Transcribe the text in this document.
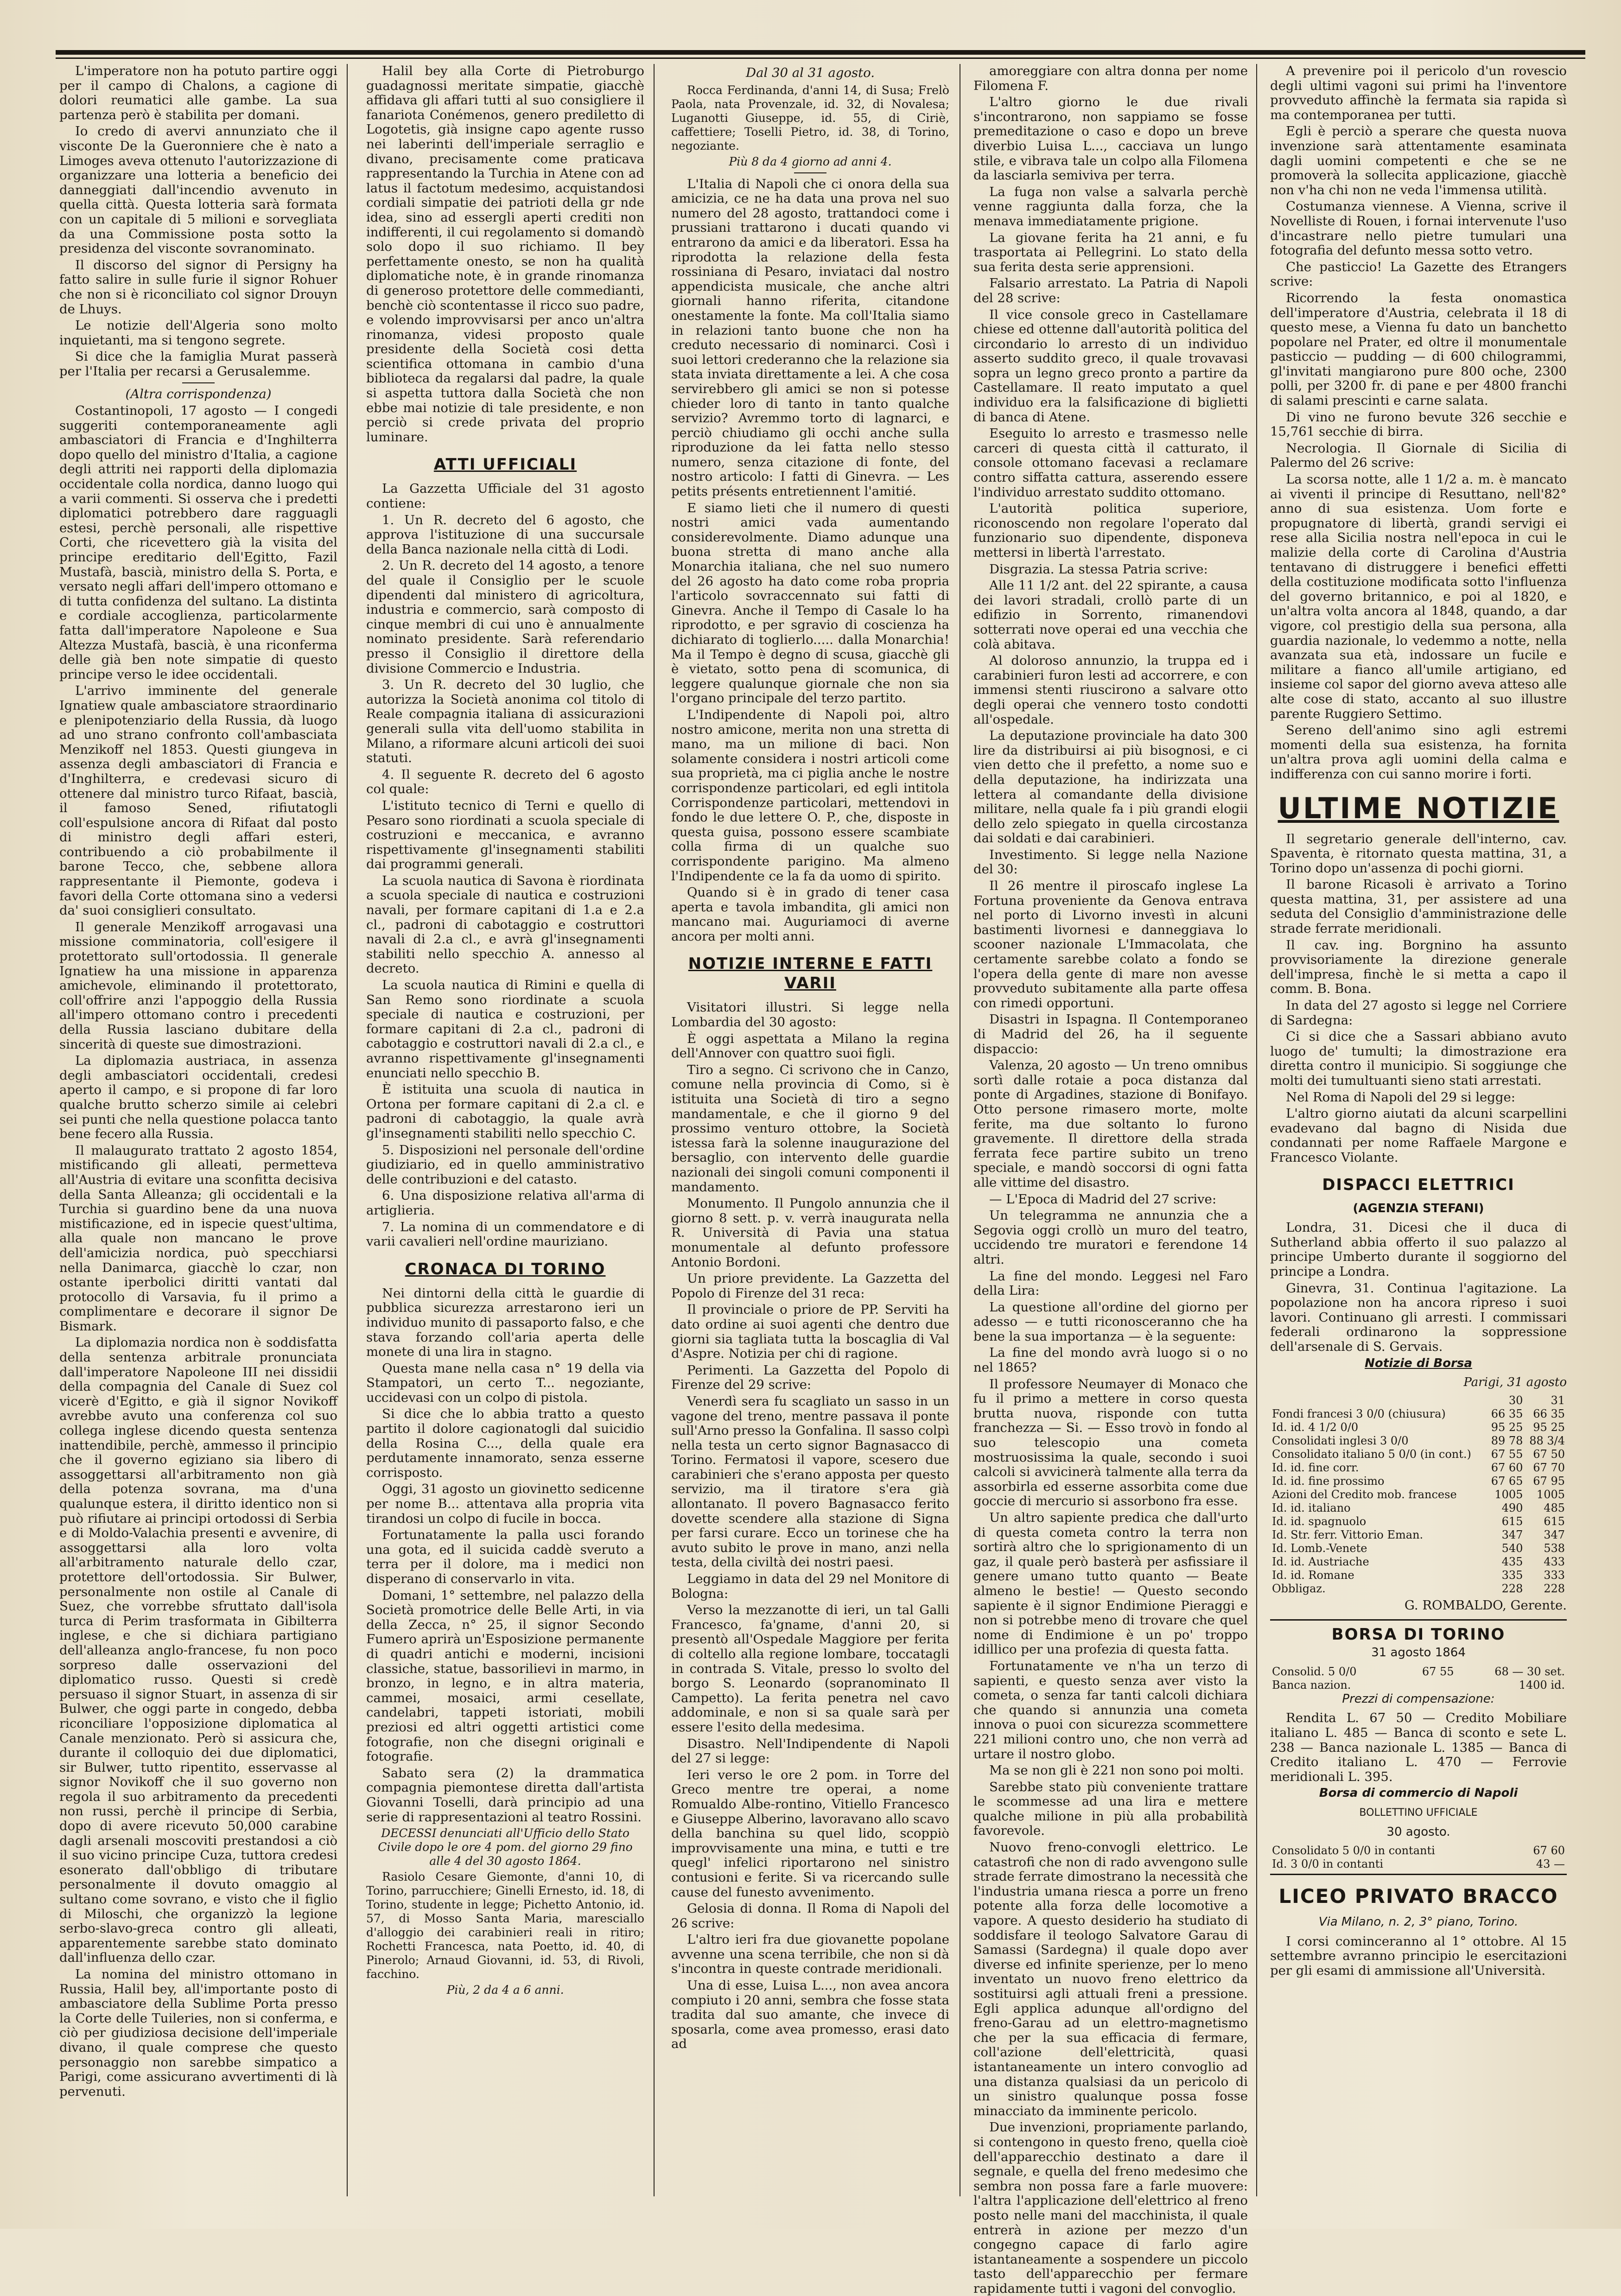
L'imperatore non ha potuto partire oggi per il campo di Chalons, a cagione di dolori reumatici alle gambe. La sua partenza però è stabilita per domani.

Io credo di avervi annunziato che il visconte De la Gueronniere che è nato a Limoges aveva ottenuto l'autorizzazione di organizzare una lotteria a beneficio dei danneggiati dall'incendio avvenuto in quella città. Questa lotteria sarà formata con un capitale di 5 milioni e sorvegliata da una Commissione posta sotto la presidenza del visconte sovranominato.

Il discorso del signor di Persigny ha fatto salire in sulle furie il signor Rohuer che non si è riconciliato col signor Drouyn de Lhuys.

Le notizie dell'Algeria sono molto inquietanti, ma si tengono segrete.

Si dice che la famiglia Murat passerà per l'Italia per recarsi a Gerusalemme.

(Altra corrispondenza)

Costantinopoli, 17 agosto — I congedi suggeriti contemporaneamente agli ambasciatori di Francia e d'Inghilterra dopo quello del ministro d'Italia, a cagione degli attriti nei rapporti della diplomazia occidentale colla nordica, danno luogo qui a varii commenti. Si osserva che i predetti diplomatici potrebbero dare ragguagli estesi, perchè personali, alle rispettive Corti, che ricevettero già la visita del principe ereditario dell'Egitto, Fazil Mustafà, bascià, ministro della S. Porta, e versato negli affari dell'impero ottomano e di tutta confidenza del sultano. La distinta e cordiale accoglienza, particolarmente fatta dall'imperatore Napoleone e Sua Altezza Mustafà, bascià, è una riconferma delle già ben note simpatie di questo principe verso le idee occidentali.

L'arrivo imminente del generale Ignatiew quale ambasciatore straordinario e plenipotenziario della Russia, dà luogo ad uno strano confronto coll'ambasciata Menzikoff nel 1853. Questi giungeva in assenza degli ambasciatori di Francia e d'Inghilterra, e credevasi sicuro di ottenere dal ministro turco Rifaat, bascià, il famoso Sened, rifiutatogli coll'espulsione ancora di Rifaat dal posto di ministro degli affari esteri, contribuendo a ciò probabilmente il barone Tecco, che, sebbene allora rappresentante il Piemonte, godeva i favori della Corte ottomana sino a vedersi da' suoi consiglieri consultato.

Il generale Menzikoff arrogavasi una missione comminatoria, coll'esigere il protettorato sull'ortodossia. Il generale Ignatiew ha una missione in apparenza amichevole, eliminando il protettorato, coll'offrire anzi l'appoggio della Russia all'impero ottomano contro i precedenti della Russia lasciano dubitare della sincerità di queste sue dimostrazioni.

La diplomazia austriaca, in assenza degli ambasciatori occidentali, credesi aperto il campo, e si propone di far loro qualche brutto scherzo simile ai celebri sei punti che nella questione polacca tanto bene fecero alla Russia.

Il malaugurato trattato 2 agosto 1854, mistificando gli alleati, permetteva all'Austria di evitare una sconfitta decisiva della Santa Alleanza; gli occidentali e la Turchia si guardino bene da una nuova mistificazione, ed in ispecie quest'ultima, alla quale non mancano le prove dell'amicizia nordica, può specchiarsi nella Danimarca, giacchè lo czar, non ostante iperbolici diritti vantati dal protocollo di Varsavia, fu il primo a complimentare e decorare il signor De Bismark.

La diplomazia nordica non è soddisfatta della sentenza arbitrale pronunciata dall'imperatore Napoleone III nei dissidii della compagnia del Canale di Suez col vicerè d'Egitto, e già il signor Novikoff avrebbe avuto una conferenza col suo collega inglese dicendo questa sentenza inattendibile, perchè, ammesso il principio che il governo egiziano sia libero di assoggettarsi all'arbitramento non già della potenza sovrana, ma d'una qualunque estera, il diritto identico non si può rifiutare ai principi ortodossi di Serbia e di Moldo-Valachia presenti e avvenire, di assoggettarsi alla loro volta all'arbitramento naturale dello czar, protettore dell'ortodossia. Sir Bulwer, personalmente non ostile al Canale di Suez, che vorrebbe sfruttato dall'isola turca di Perim trasformata in Gibilterra inglese, e che si dichiara partigiano dell'alleanza anglo-francese, fu non poco sorpreso dalle osservazioni del diplomatico russo. Questi si credè persuaso il signor Stuart, in assenza di sir Bulwer, che oggi parte in congedo, debba riconciliare l'opposizione diplomatica al Canale menzionato. Però si assicura che, durante il colloquio dei due diplomatici, sir Bulwer, tutto ripentito, esservasse al signor Novikoff che il suo governo non regola il suo arbitramento da precedenti non russi, perchè il principe di Serbia, dopo di avere ricevuto 50,000 carabine dagli arsenali moscoviti prestandosi a ciò il suo vicino principe Cuza, tuttora credesi esonerato dall'obbligo di tributare personalmente il dovuto omaggio al sultano come sovrano, e visto che il figlio di Miloschi, che organizzò la legione serbo-slavo-greca contro gli alleati, apparentemente sarebbe stato dominato dall'influenza dello czar.

La nomina del ministro ottomano in Russia, Halil bey, all'importante posto di ambasciatore della Sublime Porta presso la Corte delle Tuileries, non si conferma, e ciò per giudiziosa decisione dell'imperiale divano, il quale comprese che questo personaggio non sarebbe simpatico a Parigi, come assicurano avvertimenti di là pervenuti.

Halil bey alla Corte di Pietroburgo guadagnossi meritate simpatie, giacchè affidava gli affari tutti al suo consigliere il fanariota Conémenos, genero prediletto di Logotetis, già insigne capo agente russo nei laberinti dell'imperiale serraglio e divano, precisamente come praticava rappresentando la Turchia in Atene con ad latus il factotum medesimo, acquistandosi cordiali simpatie dei patrioti della gr nde idea, sino ad essergli aperti crediti non indifferenti, il cui regolamento si domandò solo dopo il suo richiamo. Il bey perfettamente onesto, se non ha qualità diplomatiche note, è in grande rinomanza di generoso protettore delle commedianti, benchè ciò scontentasse il ricco suo padre, e volendo improvvisarsi per anco un'altra rinomanza, videsi proposto quale presidente della Società cosi detta scientifica ottomana in cambio d'una biblioteca da regalarsi dal padre, la quale si aspetta tuttora dalla Società che non ebbe mai notizie di tale presidente, e non perciò si crede privata del proprio luminare.

ATTI UFFICIALI

La Gazzetta Ufficiale del 31 agosto contiene:

1. Un R. decreto del 6 agosto, che approva l'istituzione di una succursale della Banca nazionale nella città di Lodi.

2. Un R. decreto del 14 agosto, a tenore del quale il Consiglio per le scuole dipendenti dal ministero di agricoltura, industria e commercio, sarà composto di cinque membri di cui uno è annualmente nominato presidente. Sarà referendario presso il Consiglio il direttore della divisione Commercio e Industria.

3. Un R. decreto del 30 luglio, che autorizza la Società anonima col titolo di Reale compagnia italiana di assicurazioni generali sulla vita dell'uomo stabilita in Milano, a riformare alcuni articoli dei suoi statuti.

4. Il seguente R. decreto del 6 agosto col quale:

L'istituto tecnico di Terni e quello di Pesaro sono riordinati a scuola speciale di costruzioni e meccanica, e avranno rispettivamente gl'insegnamenti stabiliti dai programmi generali.

La scuola nautica di Savona è riordinata a scuola speciale di nautica e costruzioni navali, per formare capitani di 1.a e 2.a cl., padroni di cabotaggio e costruttori navali di 2.a cl., e avrà gl'insegnamenti stabiliti nello specchio A. annesso al decreto.

La scuola nautica di Rimini e quella di San Remo sono riordinate a scuola speciale di nautica e costruzioni, per formare capitani di 2.a cl., padroni di cabotaggio e costruttori navali di 2.a cl., e avranno rispettivamente gl'insegnamenti enunciati nello specchio B.

È istituita una scuola di nautica in Ortona per formare capitani di 2.a cl. e padroni di cabotaggio, la quale avrà gl'insegnamenti stabiliti nello specchio C.

5. Disposizioni nel personale dell'ordine giudiziario, ed in quello amministrativo delle contribuzioni e del catasto.

6. Una disposizione relativa all'arma di artiglieria.

7. La nomina di un commendatore e di varii cavalieri nell'ordine mauriziano.

CRONACA DI TORINO

Nei dintorni della città le guardie di pubblica sicurezza arrestarono ieri un individuo munito di passaporto falso, e che stava forzando coll'aria aperta delle monete di una lira in stagno.

Questa mane nella casa n° 19 della via Stampatori, un certo T... negoziante, uccidevasi con un colpo di pistola.

Si dice che lo abbia tratto a questo partito il dolore cagionatogli dal suicidio della Rosina C..., della quale era perdutamente innamorato, senza esserne corrisposto.

Oggi, 31 agosto un giovinetto sedicenne per nome B... attentava alla propria vita tirandosi un colpo di fucile in bocca.

Fortunatamente la palla usci forando una gota, ed il suicida caddè sveruto a terra per il dolore, ma i medici non disperano di conservarlo in vita.

Domani, 1° settembre, nel palazzo della Società promotrice delle Belle Arti, in via della Zecca, n° 25, il signor Secondo Fumero aprirà un'Esposizione permanente di quadri antichi e moderni, incisioni classiche, statue, bassorilievi in marmo, in bronzo, in legno, e in altra materia, cammei, mosaici, armi cesellate, candelabri, tappeti istoriati, mobili preziosi ed altri oggetti artistici come fotografie, non che disegni originali e fotografie.

Sabato sera (2) la drammatica compagnia piemontese diretta dall'artista Giovanni Toselli, darà principio ad una serie di rappresentazioni al teatro Rossini.

DECESSI denunciati all'Ufficio dello Stato Civile dopo le ore 4 pom. del giorno 29 fino alle 4 del 30 agosto 1864.

Rasiolo Cesare Giemonte, d'anni 10, di Torino, parrucchiere; Ginelli Ernesto, id. 18, di Torino, studente in legge; Pichetto Antonio, id. 57, di Mosso Santa Maria, maresciallo d'alloggio dei carabinieri reali in ritiro; Rochetti Francesca, nata Poetto, id. 40, di Pinerolo; Arnaud Giovanni, id. 53, di Rivoli, facchino.

Più, 2 da 4 a 6 anni.

Dal 30 al 31 agosto.

Rocca Ferdinanda, d'anni 14, di Susa; Frelò Paola, nata Provenzale, id. 32, di Novalesa; Luganotti Giuseppe, id. 55, di Ciriè, caffettiere; Toselli Pietro, id. 38, di Torino, negoziante.

Più 8 da 4 giorno ad anni 4.

L'Italia di Napoli che ci onora della sua amicizia, ce ne ha data una prova nel suo numero del 28 agosto, trattandoci come i prussiani trattarono i ducati quando vi entrarono da amici e da liberatori. Essa ha riprodotta la relazione della festa rossiniana di Pesaro, inviataci dal nostro appendicista musicale, che anche altri giornali hanno riferita, citandone onestamente la fonte. Ma coll'Italia siamo in relazioni tanto buone che non ha creduto necessario di nominarci. Così i suoi lettori crederanno che la relazione sia stata inviata direttamente a lei. A che cosa servirebbero gli amici se non si potesse chieder loro di tanto in tanto qualche servizio? Avremmo torto di lagnarci, e perciò chiudiamo gli occhi anche sulla riproduzione da lei fatta nello stesso numero, senza citazione di fonte, del nostro articolo: I fatti di Ginevra. — Les petits présents entretiennent l'amitié.

E siamo lieti che il numero di questi nostri amici vada aumentando considerevolmente. Diamo adunque una buona stretta di mano anche alla Monarchia italiana, che nel suo numero del 26 agosto ha dato come roba propria l'articolo sovraccennato sui fatti di Ginevra. Anche il Tempo di Casale lo ha riprodotto, e per sgravio di coscienza ha dichiarato di toglierlo..... dalla Monarchia! Ma il Tempo è degno di scusa, giacchè gli è vietato, sotto pena di scomunica, di leggere qualunque giornale che non sia l'organo principale del terzo partito.

L'Indipendente di Napoli poi, altro nostro amicone, merita non una stretta di mano, ma un milione di baci. Non solamente considera i nostri articoli come sua proprietà, ma ci piglia anche le nostre corrispondenze particolari, ed egli intitola Corrispondenze particolari, mettendovi in fondo le due lettere O. P., che, disposte in questa guisa, possono essere scambiate colla firma di un qualche suo corrispondente parigino. Ma almeno l'Indipendente ce la fa da uomo di spirito.

Quando si è in grado di tener casa aperta e tavola imbandita, gli amici non mancano mai. Auguriamoci di averne ancora per molti anni.

NOTIZIE INTERNE E FATTI VARII

Visitatori illustri. Si legge nella Lombardia del 30 agosto:

È oggi aspettata a Milano la regina dell'Annover con quattro suoi figli.

Tiro a segno. Ci scrivono che in Canzo, comune nella provincia di Como, si è istituita una Società di tiro a segno mandamentale, e che il giorno 9 del prossimo venturo ottobre, la Società istessa farà la solenne inaugurazione del bersaglio, con intervento delle guardie nazionali dei singoli comuni componenti il mandamento.

Monumento. Il Pungolo annunzia che il giorno 8 sett. p. v. verrà inaugurata nella R. Università di Pavia una statua monumentale al defunto professore Antonio Bordoni.

Un priore previdente. La Gazzetta del Popolo di Firenze del 31 reca:

Il provinciale o priore de PP. Serviti ha dato ordine ai suoi agenti che dentro due giorni sia tagliata tutta la boscaglia di Val d'Aspre. Notizia per chi di ragione.

Perimenti. La Gazzetta del Popolo di Firenze del 29 scrive:

Venerdì sera fu scagliato un sasso in un vagone del treno, mentre passava il ponte sull'Arno presso la Gonfalina. Il sasso colpì nella testa un certo signor Bagnasacco di Torino. Fermatosi il vapore, scesero due carabinieri che s'erano apposta per questo servizio, ma il tiratore s'era già allontanato. Il povero Bagnasacco ferito dovette scendere alla stazione di Signa per farsi curare. Ecco un torinese che ha avuto subito le prove in mano, anzi nella testa, della civiltà dei nostri paesi.

Leggiamo in data del 29 nel Monitore di Bologna:

Verso la mezzanotte di ieri, un tal Galli Francesco, fa'gname, d'anni 20, si presentò all'Ospedale Maggiore per ferita di coltello alla regione lombare, toccatagli in contrada S. Vitale, presso lo svolto del borgo S. Leonardo (sopranominato Il Campetto). La ferita penetra nel cavo addominale, e non si sa quale sarà per essere l'esito della medesima.

Disastro. Nell'Indipendente di Napoli del 27 si legge:

Ieri verso le ore 2 pom. in Torre del Greco mentre tre operai, a nome Romualdo Albe-rontino, Vitiello Francesco e Giuseppe Alberino, lavoravano allo scavo della banchina su quel lido, scoppiò improvvisamente una mina, e tutti e tre quegl' infelici riportarono nel sinistro contusioni e ferite. Si va ricercando sulle cause del funesto avvenimento.

Gelosia di donna. Il Roma di Napoli del 26 scrive:

L'altro ieri fra due giovanette popolane avvenne una scena terribile, che non si dà s'incontra in queste contrade meridionali.

Una di esse, Luisa L..., non avea ancora compiuto i 20 anni, sembra che fosse stata tradita dal suo amante, che invece di sposarla, come avea promesso, erasi dato ad

amoreggiare con altra donna per nome Filomena F.

L'altro giorno le due rivali s'incontrarono, non sappiamo se fosse premeditazione o caso e dopo un breve diverbio Luisa L..., cacciava un lungo stile, e vibrava tale un colpo alla Filomena da lasciarla semiviva per terra.

La fuga non valse a salvarla perchè venne raggiunta dalla forza, che la menava immediatamente prigione.

La giovane ferita ha 21 anni, e fu trasportata ai Pellegrini. Lo stato della sua ferita desta serie apprensioni.

Falsario arrestato. La Patria di Napoli del 28 scrive:

Il vice console greco in Castellamare chiese ed ottenne dall'autorità politica del circondario lo arresto di un individuo asserto suddito greco, il quale trovavasi sopra un legno greco pronto a partire da Castellamare. Il reato imputato a quel individuo era la falsificazione di biglietti di banca di Atene.

Eseguito lo arresto e trasmesso nelle carceri di questa città il catturato, il console ottomano facevasi a reclamare contro siffatta cattura, asserendo essere l'individuo arrestato suddito ottomano.

L'autorità politica superiore, riconoscendo non regolare l'operato dal funzionario suo dipendente, disponeva mettersi in libertà l'arrestato.

Disgrazia. La stessa Patria scrive:

Alle 11 1/2 ant. del 22 spirante, a causa dei lavori stradali, crollò parte di un edifizio in Sorrento, rimanendovi sotterrati nove operai ed una vecchia che colà abitava.

Al doloroso annunzio, la truppa ed i carabinieri furon lesti ad accorrere, e con immensi stenti riuscirono a salvare otto degli operai che vennero tosto condotti all'ospedale.

La deputazione provinciale ha dato 300 lire da distribuirsi ai più bisognosi, e ci vien detto che il prefetto, a nome suo e della deputazione, ha indirizzata una lettera al comandante della divisione militare, nella quale fa i più grandi elogii dello zelo spiegato in quella circostanza dai soldati e dai carabinieri.

Investimento. Si legge nella Nazione del 30:

Il 26 mentre il piroscafo inglese La Fortuna proveniente da Genova entrava nel porto di Livorno investì in alcuni bastimenti livornesi e danneggiava lo scooner nazionale L'Immacolata, che certamente sarebbe colato a fondo se l'opera della gente di mare non avesse provveduto subitamente alla parte offesa con rimedi opportuni.

Disastri in Ispagna. Il Contemporaneo di Madrid del 26, ha il seguente dispaccio:

Valenza, 20 agosto — Un treno omnibus sortì dalle rotaie a poca distanza dal ponte di Argadines, stazione di Bonifayo. Otto persone rimasero morte, molte ferite, ma due soltanto lo furono gravemente. Il direttore della strada ferrata fece partire subito un treno speciale, e mandò soccorsi di ogni fatta alle vittime del disastro.

— L'Epoca di Madrid del 27 scrive:

Un telegramma ne annunzia che a Segovia oggi crollò un muro del teatro, uccidendo tre muratori e ferendone 14 altri.

La fine del mondo. Leggesi nel Faro della Lira:

La questione all'ordine del giorno per adesso — e tutti riconosceranno che ha bene la sua importanza — è la seguente:

La fine del mondo avrà luogo si o no nel 1865?

Il professore Neumayer di Monaco che fu il primo a mettere in corso questa brutta nuova, risponde con tutta franchezza — Si. — Esso trovò in fondo al suo telescopio una cometa mostruosissima la quale, secondo i suoi calcoli si avvicinerà talmente alla terra da assorbirla ed esserne assorbita come due goccie di mercurio si assorbono fra esse.

Un altro sapiente predica che dall'urto di questa cometa contro la terra non sortirà altro che lo sprigionamento di un gaz, il quale però basterà per asfissiare il genere umano tutto quanto — Beate almeno le bestie! — Questo secondo sapiente è il signor Endimione Pieraggi e non si potrebbe meno di trovare che quel nome di Endimione è un po' troppo idillico per una profezia di questa fatta.

Fortunatamente ve n'ha un terzo di sapienti, e questo senza aver visto la cometa, o senza far tanti calcoli dichiara che quando si annunzia una cometa innova o puoi con sicurezza scommettere 221 milioni contro uno, che non verrà ad urtare il nostro globo.

Ma se non gli è 221 non sono poi molti.

Sarebbe stato più conveniente trattare le scommesse ad una lira e mettere qualche milione in più alla probabilità favorevole.

Nuovo freno-convogli elettrico. Le catastrofi che non di rado avvengono sulle strade ferrate dimostrano la necessità che l'industria umana riesca a porre un freno potente alla forza delle locomotive a vapore. A questo desiderio ha studiato di soddisfare il teologo Salvatore Garau di Samassi (Sardegna) il quale dopo aver diverse ed infinite sperienze, per lo meno inventato un nuovo freno elettrico da sostituirsi agli attuali freni a pressione. Egli applica adunque all'ordigno del freno-Garau ad un elettro-magnetismo che per la sua efficacia di fermare, coll'azione dell'elettricità, quasi istantaneamente un intero convoglio ad una distanza qualsiasi da un pericolo di un sinistro qualunque possa fosse minacciato da imminente pericolo.

Due invenzioni, propriamente parlando, si contengono in questo freno, quella cioè dell'apparecchio destinato a dare il segnale, e quella del freno medesimo che sembra non possa fare a farle muovere: l'altra l'applicazione dell'elettrico al freno posto nelle mani del macchinista, il quale entrerà in azione per mezzo d'un congegno capace di farlo agire istantaneamente a sospendere un piccolo tasto dell'apparecchio per fermare rapidamente tutti i vagoni del convoglio.

A prevenire poi il pericolo d'un rovescio degli ultimi vagoni sui primi ha l'inventore provveduto affinchè la fermata sia rapida sì ma contemporanea per tutti.

Egli è perciò a sperare che questa nuova invenzione sarà attentamente esaminata dagli uomini competenti e che se ne promoverà la sollecita applicazione, giacchè non v'ha chi non ne veda l'immensa utilità.

Costumanza viennese. A Vienna, scrive il Novelliste di Rouen, i fornai intervenute l'uso d'incastrare nello pietre tumulari una fotografia del defunto messa sotto vetro.

Che pasticcio! La Gazette des Etrangers scrive:

Ricorrendo la festa onomastica dell'imperatore d'Austria, celebrata il 18 di questo mese, a Vienna fu dato un banchetto popolare nel Prater, ed oltre il monumentale pasticcio — pudding — di 600 chilogrammi, gl'invitati mangiarono pure 800 oche, 2300 polli, per 3200 fr. di pane e per 4800 franchi di salami prescinti e carne salata.

Di vino ne furono bevute 326 secchie e 15,761 secchie di birra.

Necrologia. Il Giornale di Sicilia di Palermo del 26 scrive:

La scorsa notte, alle 1 1/2 a. m. è mancato ai viventi il principe di Resuttano, nell'82° anno di sua esistenza. Uom forte e propugnatore di libertà, grandi servigi ei rese alla Sicilia nostra nell'epoca in cui le malizie della corte di Carolina d'Austria tentavano di distruggere i benefici effetti della costituzione modificata sotto l'influenza del governo britannico, e poi al 1820, e un'altra volta ancora al 1848, quando, a dar vigore, col prestigio della sua persona, alla guardia nazionale, lo vedemmo a notte, nella avanzata sua età, indossare un fucile e militare a fianco all'umile artigiano, ed insieme col sapor del giorno aveva atteso alle alte cose di stato, accanto al suo illustre parente Ruggiero Settimo.

Sereno dell'animo sino agli estremi momenti della sua esistenza, ha fornita un'altra prova agli uomini della calma e indifferenza con cui sanno morire i forti.

ULTIME NOTIZIE

Il segretario generale dell'interno, cav. Spaventa, è ritornato questa mattina, 31, a Torino dopo un'assenza di pochi giorni.

Il barone Ricasoli è arrivato a Torino questa mattina, 31, per assistere ad una seduta del Consiglio d'amministrazione delle strade ferrate meridionali.

Il cav. ing. Borgnino ha assunto provvisoriamente la direzione generale dell'impresa, finchè le si metta a capo il comm. B. Bona.

In data del 27 agosto si legge nel Corriere di Sardegna:

Ci si dice che a Sassari abbiano avuto luogo de' tumulti; la dimostrazione era diretta contro il municipio. Si soggiunge che molti dei tumultuanti sieno stati arrestati.

Nel Roma di Napoli del 29 si legge:

L'altro giorno aiutati da alcuni scarpellini evadevano dal bagno di Nisida due condannati per nome Raffaele Margone e Francesco Violante.

DISPACCI ELETTRICI
(AGENZIA STEFANI)

Londra, 31. Dicesi che il duca di Sutherland abbia offerto il suo palazzo al principe Umberto durante il soggiorno del principe a Londra.

Ginevra, 31. Continua l'agitazione. La popolazione non ha ancora ripreso i suoi lavori. Continuano gli arresti. I commissari federali ordinarono la soppressione dell'arsenale di S. Gervais.

Notizie di Borsa
Parigi, 31 agosto
	30	31
Fondi francesi 3 0/0 (chiusura)	66 35	66 35
Id. id. 4 1/2 0/0	95 25	95 25
Consolidati inglesi 3 0/0	89 78	88 3/4
Consolidato italiano 5 0/0 (in cont.)	67 55	67 50
Id. id. fine corr.	67 60	67 70
Id. id. fine prossimo	67 65	67 95
Azioni del Credito mob. francese	1005	1005
Id. id. italiano	490	485
Id. id. spagnuolo	615	615
Id. Str. ferr. Vittorio Eman.	347	347
Id. Lomb.-Venete	540	538
Id. id. Austriache	435	433
Id. id. Romane	335	333
Obbligaz.	228	228

G. ROMBALDO, Gerente.

BORSA DI TORINO
31 agosto 1864
Consolid. 5 0/0	67 55	68 — 30 set.
Banca nazion.		1400 id.
Prezzi di compensazione:

Rendita L. 67 50 — Credito Mobiliare italiano L. 485 — Banca di sconto e sete L. 238 — Banca nazionale L. 1385 — Banca di Credito italiano L. 470 — Ferrovie meridionali L. 395.

Borsa di commercio di Napoli
BOLLETTINO UFFICIALE
30 agosto.
Consolidato 5 0/0 in contanti	67 60
Id. 3 0/0 in contanti	43 —
LICEO PRIVATO BRACCO
Via Milano, n. 2, 3° piano, Torino.

I corsi cominceranno al 1° ottobre. Al 15 settembre avranno principio le esercitazioni per gli esami di ammissione all'Università.
